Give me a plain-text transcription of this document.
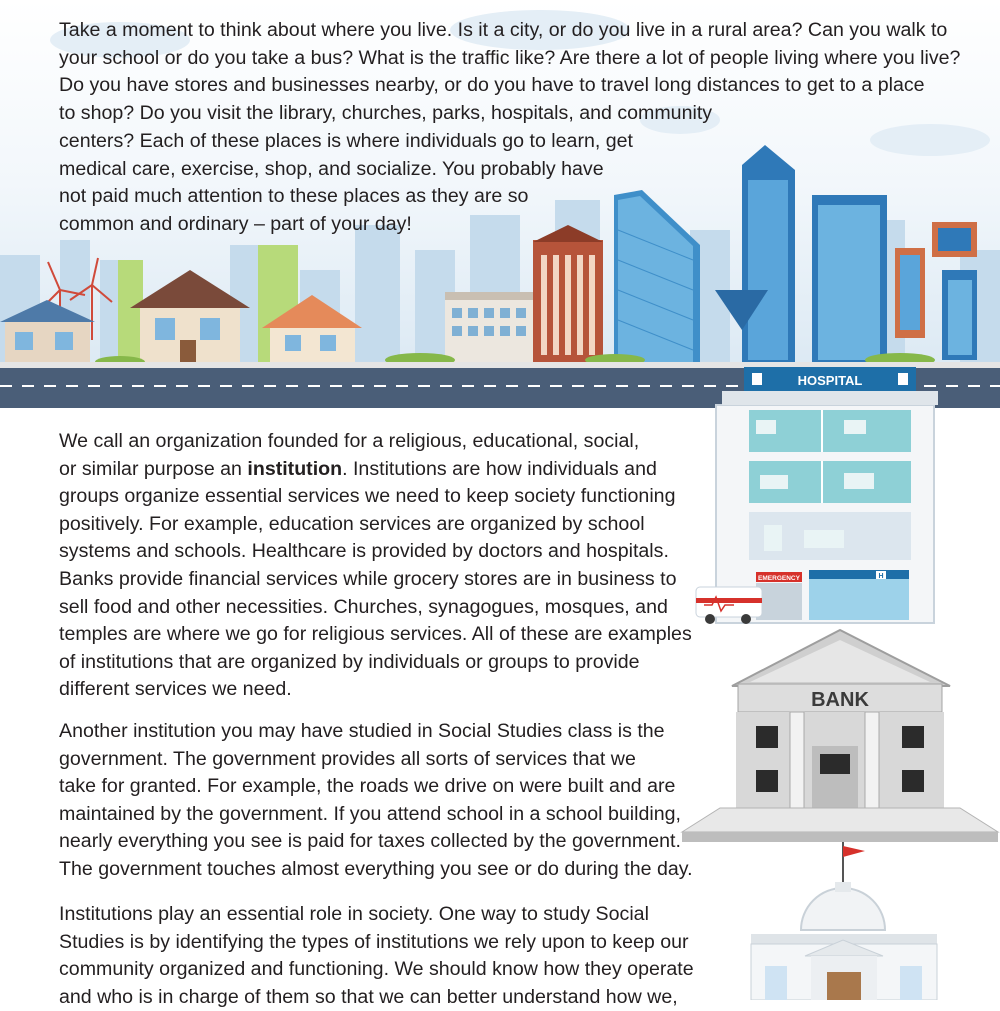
Take a moment to think about where you live. Is it a city, or do you live in a rural area? Can you walk to
your school or do you take a bus? What is the traffic like? Are there a lot of people living where you live?
Do you have stores and businesses nearby, or do you have to travel long distances to get to a place
to shop? Do you visit the library, churches, parks, hospitals, and community
centers? Each of these places is where individuals go to learn, get
medical care, exercise, shop, and socialize. You probably have
not paid much attention to these places as they are so
common and ordinary – part of your day!

We call an organization founded for a religious, educational, social,
or similar purpose an institution. Institutions are how individuals and
groups organize essential services we need to keep society functioning
positively. For example, education services are organized by school
systems and schools. Healthcare is provided by doctors and hospitals.
Banks provide financial services while grocery stores are in business to
sell food and other necessities. Churches, synagogues, mosques, and
temples are where we go for religious services. All of these are examples
of institutions that are organized by individuals or groups to provide
different services we need.

Another institution you may have studied in Social Studies class is the
government. The government provides all sorts of services that we
take for granted. For example, the roads we drive on were built and are
maintained by the government. If you attend school in a school building,
nearly everything you see is paid for taxes collected by the government.
The government touches almost everything you see or do during the day.

Institutions play an essential role in society. One way to study Social
Studies is by identifying the types of institutions we rely upon to keep our
community organized and functioning. We should know how they operate
and who is in charge of them so that we can better understand how we,

HOSPITAL
H
EMERGENCY
BANK
